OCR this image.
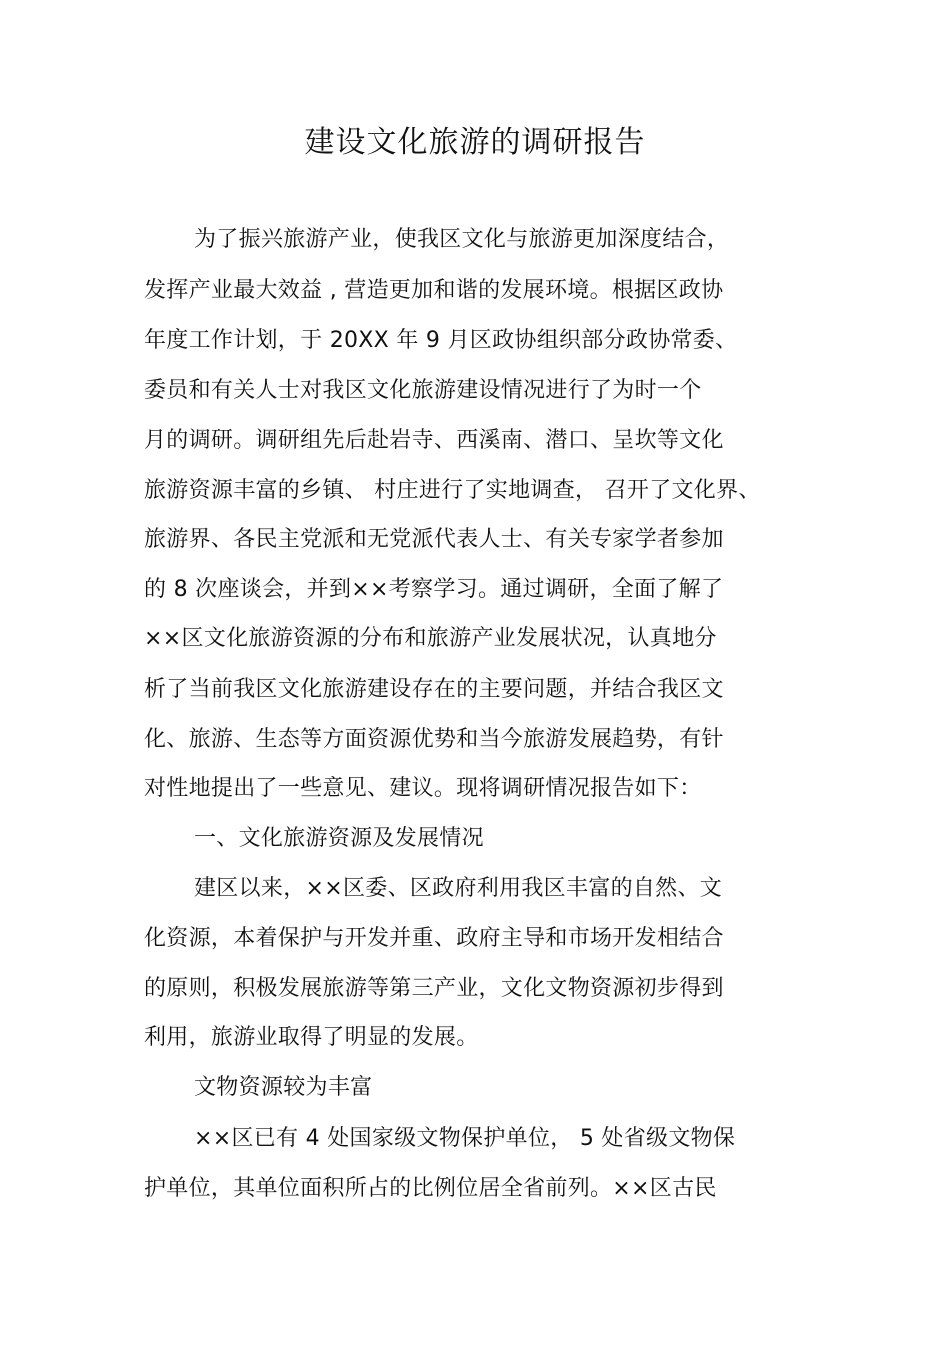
建设文化旅游的调研报告
为了振兴旅游产业，使我区文化与旅游更加深度结合，
发挥产业最大效益 , 营造更加和谐的发展环境。根据区政协
年度工作计划，于 20XX 年 9 月区政协组织部分政协常委、
委员和有关人士对我区文化旅游建设情况进行了为时一个
月的调研。调研组先后赴岩寺、西溪南、潜口、呈坎等文化
旅游资源丰富的乡镇、 村庄进行了实地调查， 召开了文化界、
旅游界、各民主党派和无党派代表人士、有关专家学者参加
的 8 次座谈会，并到××考察学习。通过调研，全面了解了
××区文化旅游资源的分布和旅游产业发展状况，认真地分
析了当前我区文化旅游建设存在的主要问题，并结合我区文
化、旅游、生态等方面资源优势和当今旅游发展趋势，有针
对性地提出了一些意见、建议。现将调研情况报告如下：
一、文化旅游资源及发展情况
建区以来，××区委、区政府利用我区丰富的自然、文
化资源，本着保护与开发并重、政府主导和市场开发相结合
的原则，积极发展旅游等第三产业，文化文物资源初步得到
利用，旅游业取得了明显的发展。
文物资源较为丰富
××区已有 4 处国家级文物保护单位， 5 处省级文物保
护单位，其单位面积所占的比例位居全省前列。××区古民
